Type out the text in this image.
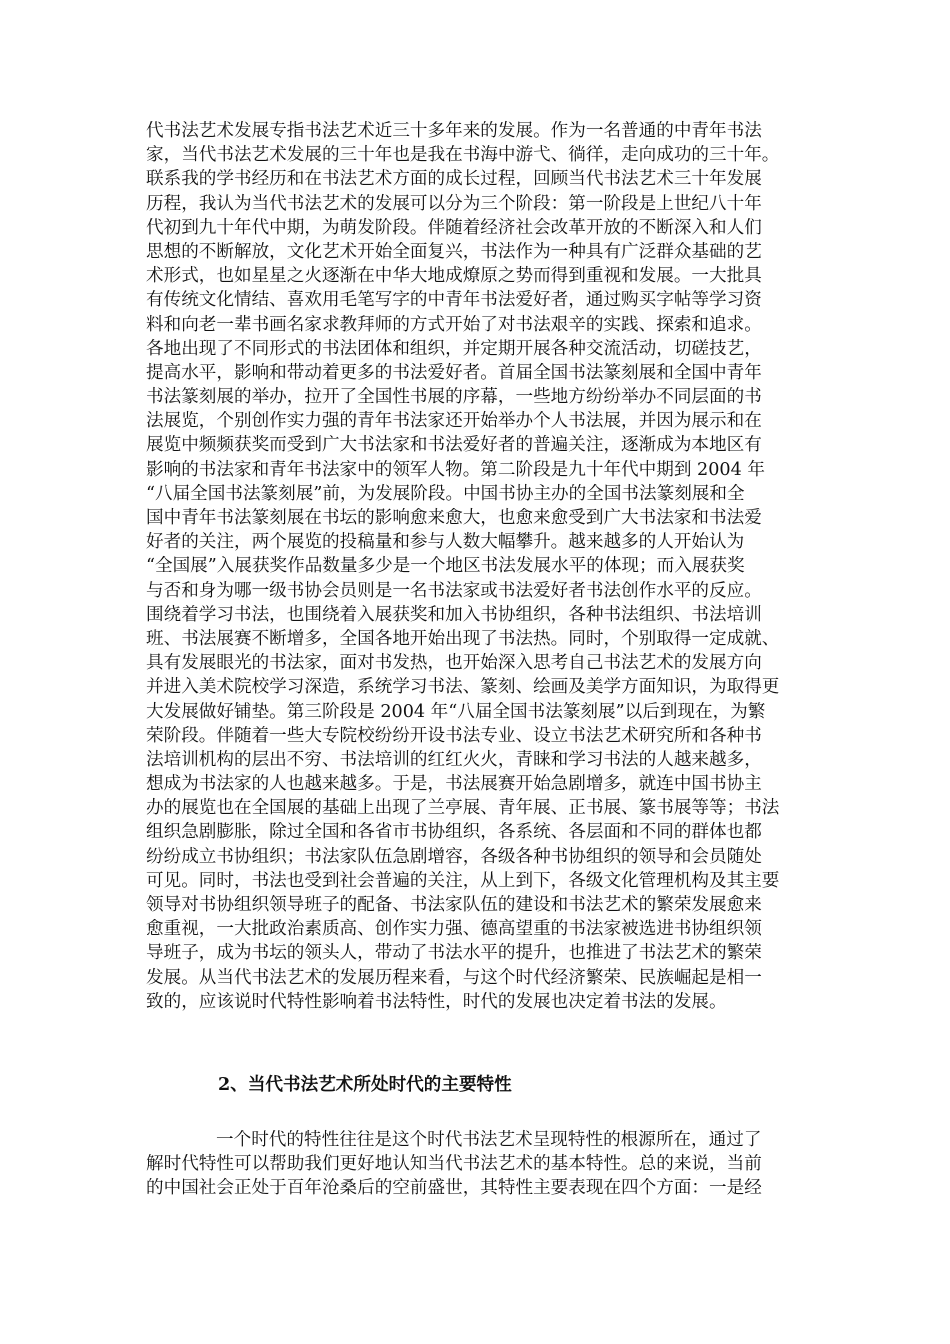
代书法艺术发展专指书法艺术近三十多年来的发展。作为一名普通的中青年书法
家，当代书法艺术发展的三十年也是我在书海中游弋、徜徉，走向成功的三十年。
联系我的学书经历和在书法艺术方面的成长过程，回顾当代书法艺术三十年发展
历程，我认为当代书法艺术的发展可以分为三个阶段：第一阶段是上世纪八十年
代初到九十年代中期，为萌发阶段。伴随着经济社会改革开放的不断深入和人们
思想的不断解放，文化艺术开始全面复兴，书法作为一种具有广泛群众基础的艺
术形式，也如星星之火逐渐在中华大地成燎原之势而得到重视和发展。一大批具
有传统文化情结、喜欢用毛笔写字的中青年书法爱好者，通过购买字帖等学习资
料和向老一辈书画名家求教拜师的方式开始了对书法艰辛的实践、探索和追求。
各地出现了不同形式的书法团体和组织，并定期开展各种交流活动，切磋技艺，
提高水平，影响和带动着更多的书法爱好者。首届全国书法篆刻展和全国中青年
书法篆刻展的举办，拉开了全国性书展的序幕，一些地方纷纷举办不同层面的书
法展览，个别创作实力强的青年书法家还开始举办个人书法展，并因为展示和在
展览中频频获奖而受到广大书法家和书法爱好者的普遍关注，逐渐成为本地区有
影响的书法家和青年书法家中的领军人物。第二阶段是九十年代中期到 2004 年
“八届全国书法篆刻展”前，为发展阶段。中国书协主办的全国书法篆刻展和全
国中青年书法篆刻展在书坛的影响愈来愈大，也愈来愈受到广大书法家和书法爱
好者的关注，两个展览的投稿量和参与人数大幅攀升。越来越多的人开始认为
“全国展”入展获奖作品数量多少是一个地区书法发展水平的体现；而入展获奖
与否和身为哪一级书协会员则是一名书法家或书法爱好者书法创作水平的反应。
围绕着学习书法，也围绕着入展获奖和加入书协组织，各种书法组织、书法培训
班、书法展赛不断增多，全国各地开始出现了书法热。同时，个别取得一定成就、
具有发展眼光的书法家，面对书发热，也开始深入思考自己书法艺术的发展方向
并进入美术院校学习深造，系统学习书法、篆刻、绘画及美学方面知识，为取得更
大发展做好铺垫。第三阶段是 2004 年“八届全国书法篆刻展”以后到现在，为繁
荣阶段。伴随着一些大专院校纷纷开设书法专业、设立书法艺术研究所和各种书
法培训机构的层出不穷、书法培训的红红火火，青睐和学习书法的人越来越多，
想成为书法家的人也越来越多。于是，书法展赛开始急剧增多，就连中国书协主
办的展览也在全国展的基础上出现了兰亭展、青年展、正书展、篆书展等等；书法
组织急剧膨胀，除过全国和各省市书协组织，各系统、各层面和不同的群体也都
纷纷成立书协组织；书法家队伍急剧增容，各级各种书协组织的领导和会员随处
可见。同时，书法也受到社会普遍的关注，从上到下，各级文化管理机构及其主要
领导对书协组织领导班子的配备、书法家队伍的建设和书法艺术的繁荣发展愈来
愈重视，一大批政治素质高、创作实力强、德高望重的书法家被选进书协组织领
导班子，成为书坛的领头人，带动了书法水平的提升，也推进了书法艺术的繁荣
发展。从当代书法艺术的发展历程来看，与这个时代经济繁荣、民族崛起是相一
致的，应该说时代特性影响着书法特性，时代的发展也决定着书法的发展。
2、当代书法艺术所处时代的主要特性
一个时代的特性往往是这个时代书法艺术呈现特性的根源所在，通过了
解时代特性可以帮助我们更好地认知当代书法艺术的基本特性。总的来说，当前
的中国社会正处于百年沧桑后的空前盛世，其特性主要表现在四个方面：一是经
